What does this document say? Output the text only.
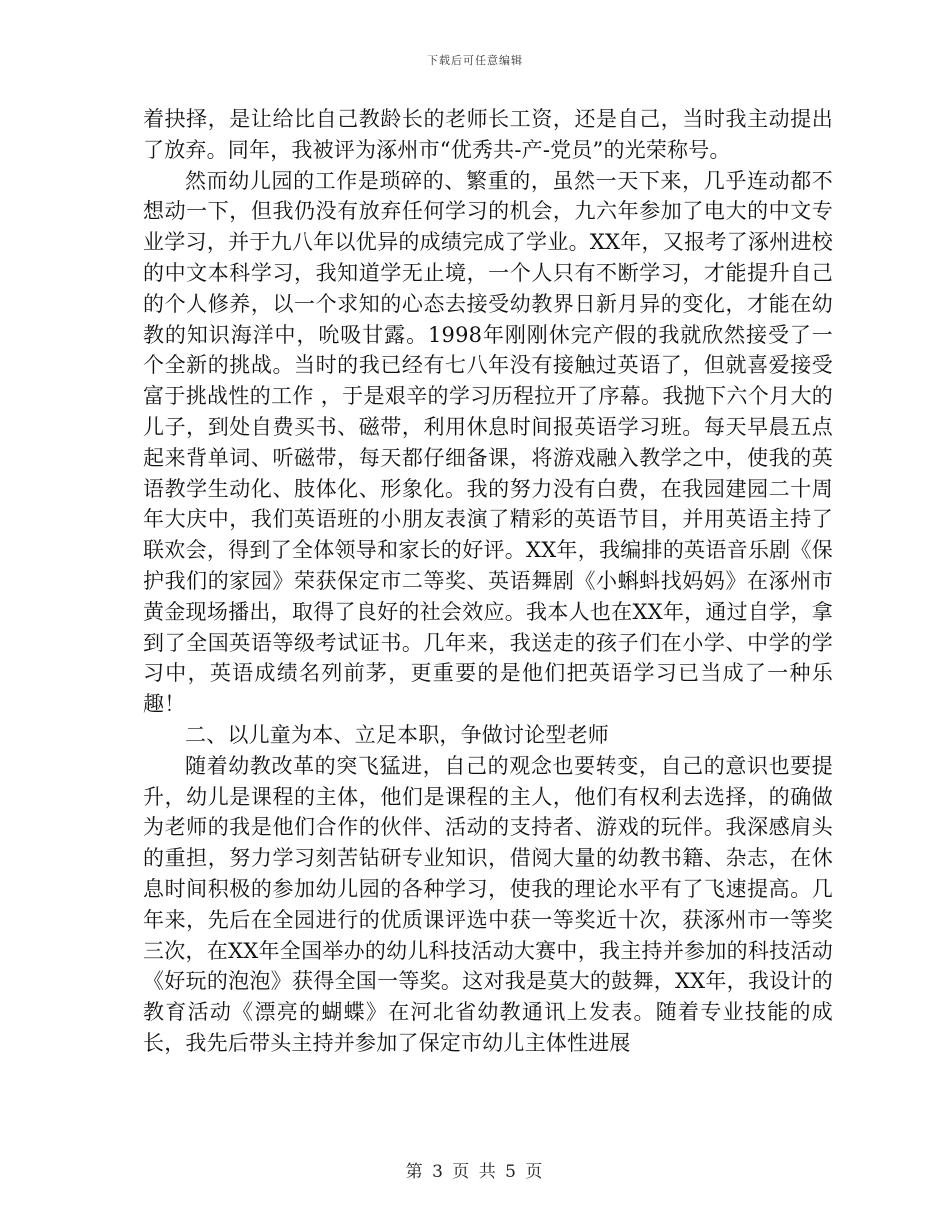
下载后可任意编辑

着抉择，是让给比自己教龄长的老师长工资，还是自己，当时我主动提出了放弃。同年，我被评为涿州市“优秀共-产-党员”的光荣称号。

然而幼儿园的工作是琐碎的、繁重的，虽然一天下来，几乎连动都不想动一下，但我仍没有放弃任何学习的机会，九六年参加了电大的中文专业学习，并于九八年以优异的成绩完成了学业。XX年，又报考了涿州进校的中文本科学习，我知道学无止境，一个人只有不断学习，才能提升自己的个人修养，以一个求知的心态去接受幼教界日新月异的变化，才能在幼教的知识海洋中，吮吸甘露。1998年刚刚休完产假的我就欣然接受了一个全新的挑战。当时的我已经有七八年没有接触过英语了，但就喜爱接受富于挑战性的工作 ，于是艰辛的学习历程拉开了序幕。我抛下六个月大的儿子，到处自费买书、磁带，利用休息时间报英语学习班。每天早晨五点起来背单词、听磁带，每天都仔细备课，将游戏融入教学之中，使我的英语教学生动化、肢体化、形象化。我的努力没有白费，在我园建园二十周年大庆中，我们英语班的小朋友表演了精彩的英语节目，并用英语主持了联欢会，得到了全体领导和家长的好评。XX年，我编排的英语音乐剧《保护我们的家园》荣获保定市二等奖、英语舞剧《小蝌蚪找妈妈》在涿州市黄金现场播出，取得了良好的社会效应。我本人也在XX年，通过自学，拿到了全国英语等级考试证书。几年来，我送走的孩子们在小学、中学的学习中，英语成绩名列前茅，更重要的是他们把英语学习已当成了一种乐趣！

二、以儿童为本、立足本职，争做讨论型老师

随着幼教改革的突飞猛进，自己的观念也要转变，自己的意识也要提升，幼儿是课程的主体，他们是课程的主人，他们有权利去选择，的确做为老师的我是他们合作的伙伴、活动的支持者、游戏的玩伴。我深感肩头的重担，努力学习刻苦钻研专业知识，借阅大量的幼教书籍、杂志，在休息时间积极的参加幼儿园的各种学习，使我的理论水平有了飞速提高。几年来，先后在全园进行的优质课评选中获一等奖近十次，获涿州市一等奖三次，在XX年全国举办的幼儿科技活动大赛中，我主持并参加的科技活动《好玩的泡泡》获得全国一等奖。这对我是莫大的鼓舞，XX年，我设计的教育活动《漂亮的蝴蝶》在河北省幼教通讯上发表。随着专业技能的成长，我先后带头主持并参加了保定市幼儿主体性进展

第 3 页 共 5 页
